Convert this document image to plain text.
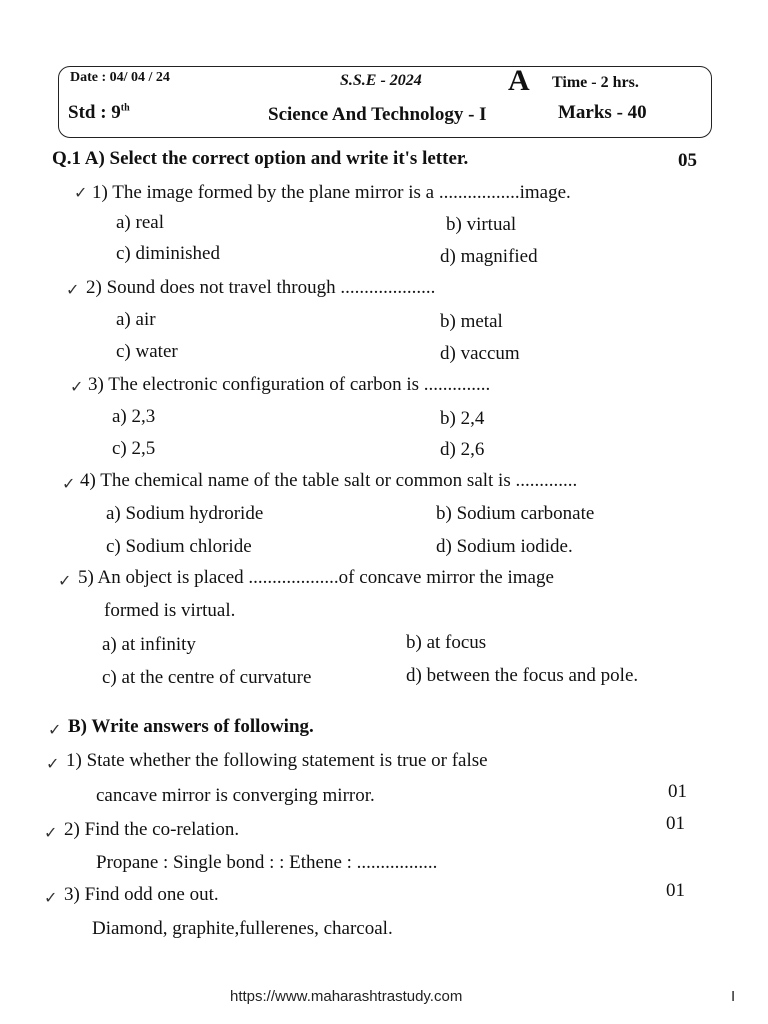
Date : 04/ 04 / 24	S.S.E - 2024	A Time - 2 hrs.
Std : 9th	Science And Technology - I	Marks - 40
Q.1 A) Select the correct option and write it's letter.	05
✓ 1) The image formed by the plane mirror is a .................image.
a) real	b) virtual
c) diminished	d) magnified
✓ 2) Sound does not travel through ....................
a) air	b) metal
c) water	d) vaccum
✓ 3) The electronic configuration of carbon is ..............
a) 2,3	b) 2,4
c) 2,5	d) 2,6
✓ 4) The chemical name of the table salt or common salt is .............
a) Sodium hydroride	b) Sodium carbonate
c) Sodium chloride	d) Sodium iodide.
✓ 5) An object is placed ...................of concave mirror the image
formed is virtual.
a) at infinity	b) at focus
c) at the centre of curvature	d) between the focus and pole.
✓ B) Write answers of following.
✓ 1) State whether the following statement is true or false
cancave mirror is converging mirror.	01
✓ 2) Find the co-relation.
Propane : Single bond : : Ethene : .................
01
✓ 3) Find odd one out.
Diamond, graphite,fullerenes, charcoal.
01
https://www.maharashtrastudy.com	I
